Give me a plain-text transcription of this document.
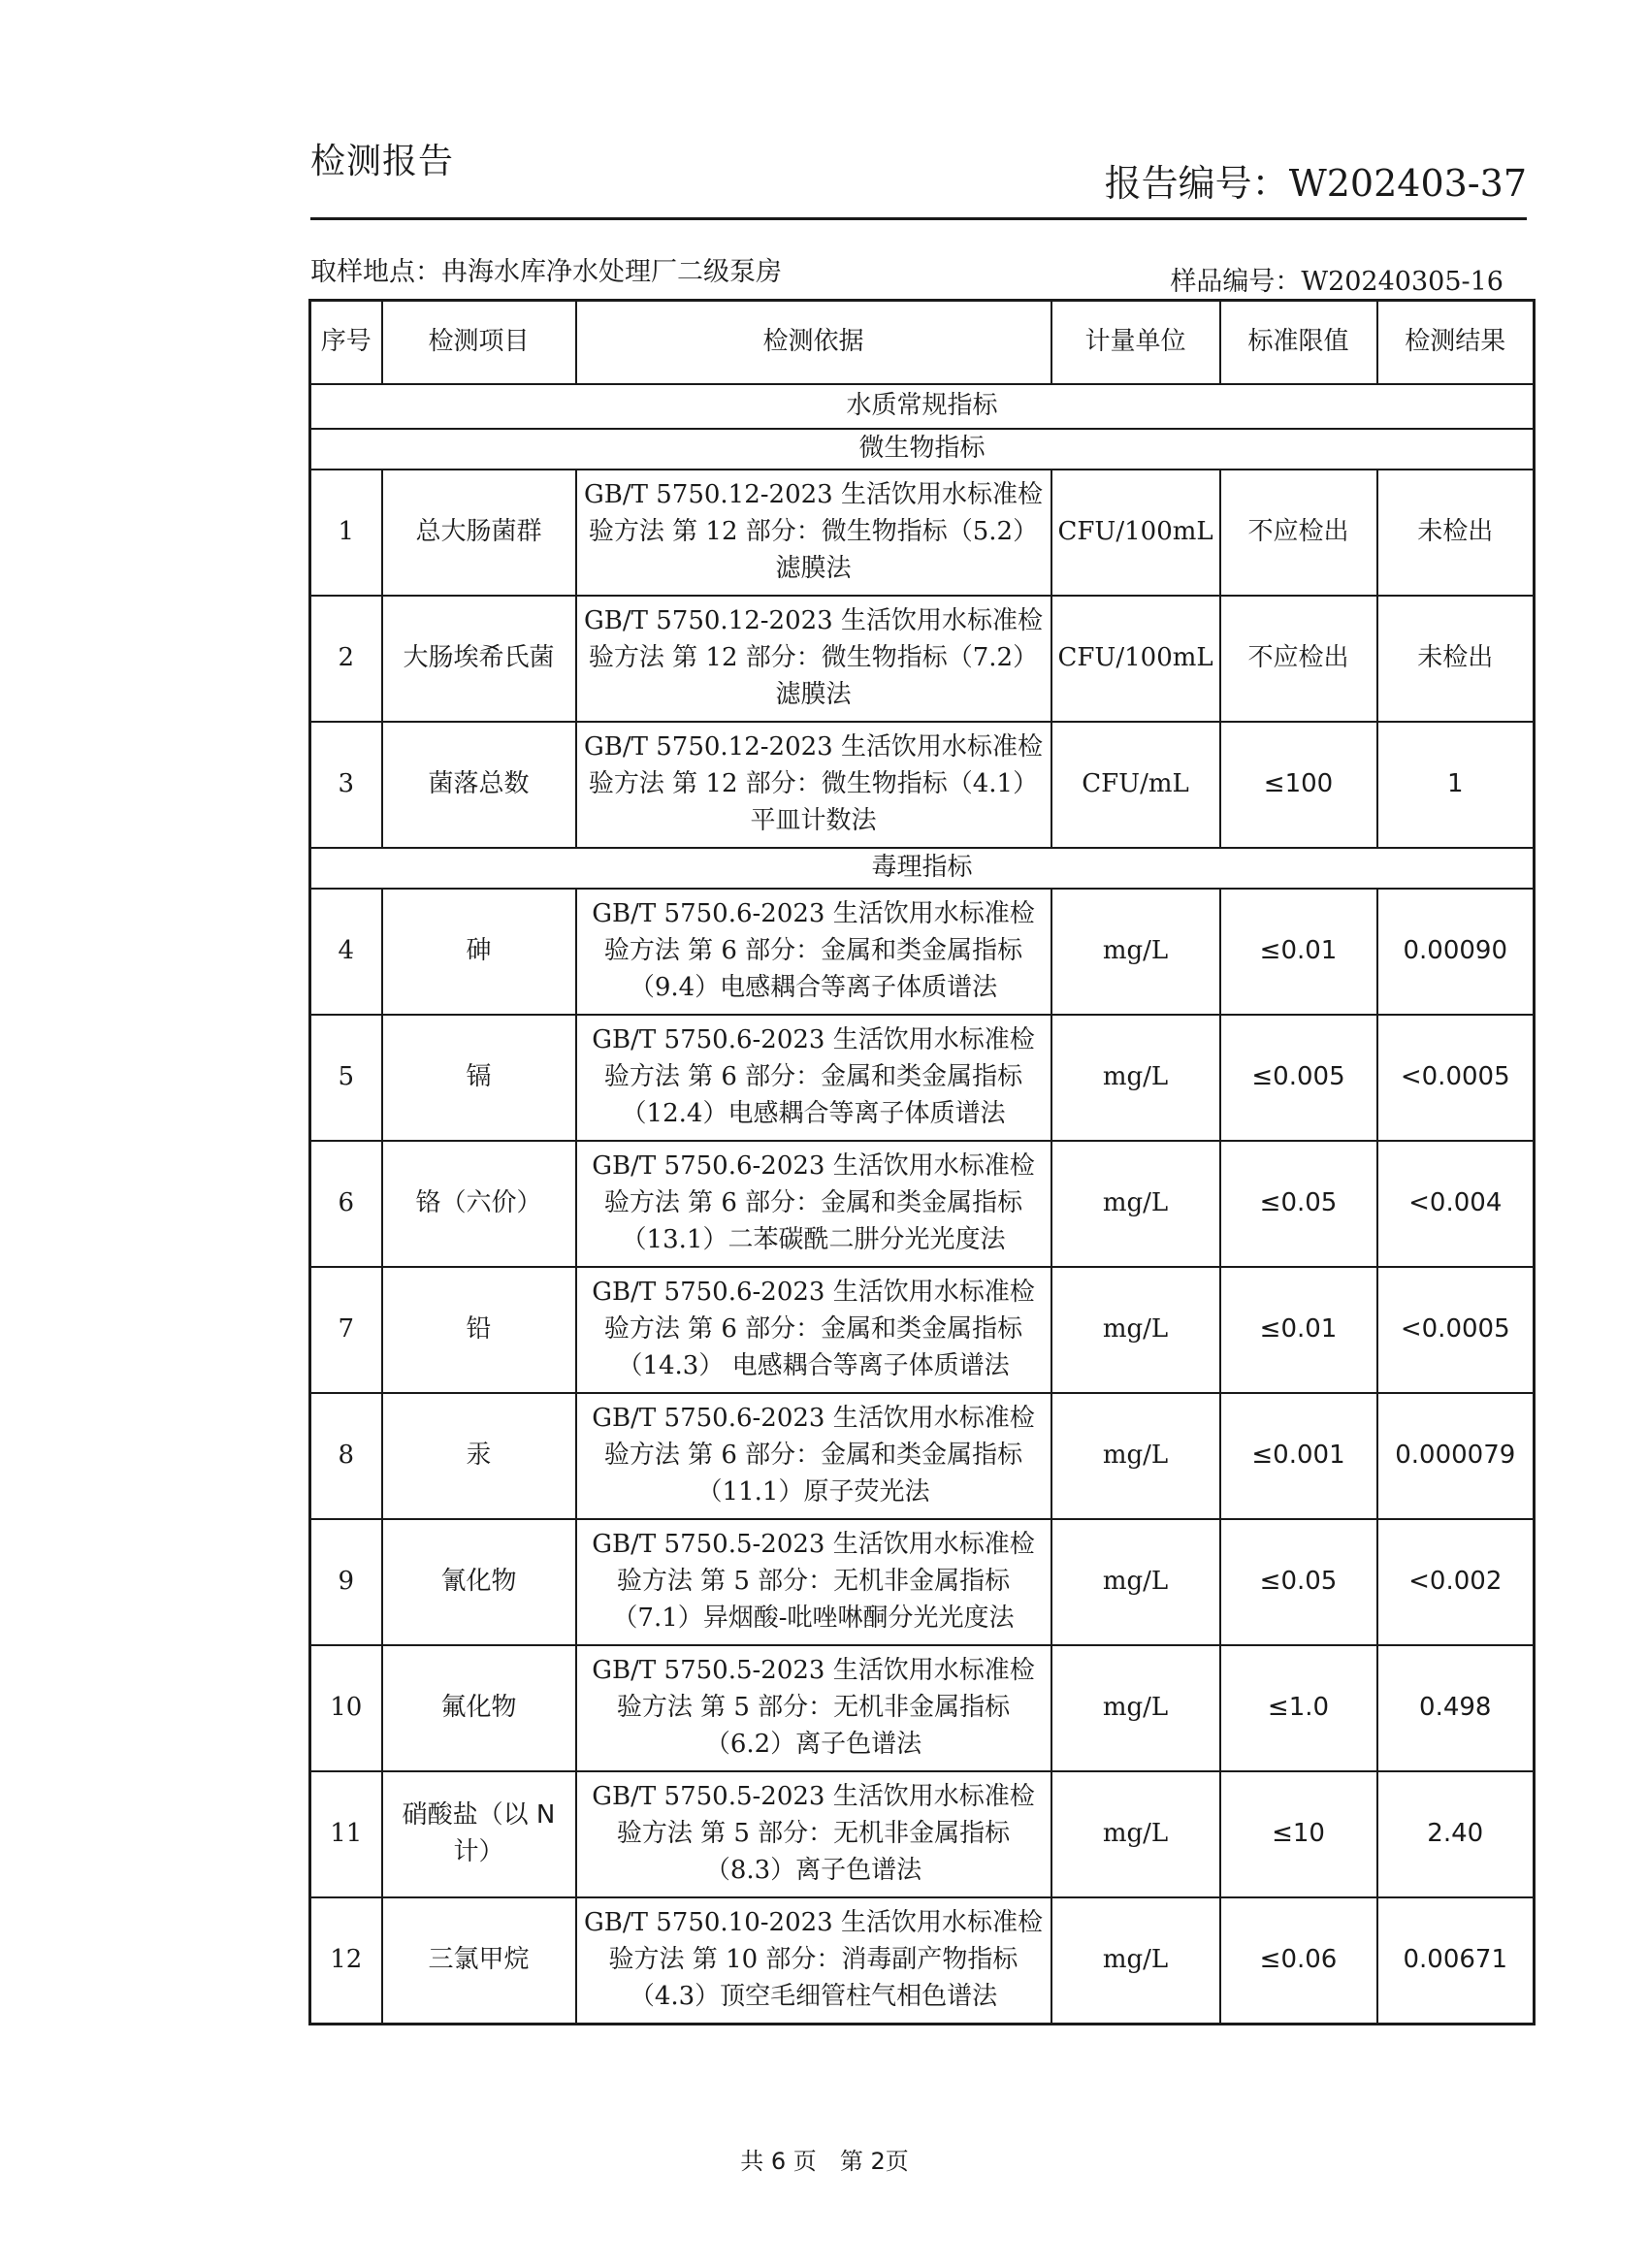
检测报告
报告编号：W202403-37
取样地点：冉海水库净水处理厂二级泵房	样品编号：W20240305-16
序号	检测项目	检测依据	计量单位	标准限值	检测结果
水质常规指标					
微生物指标					
1	总大肠菌群	GB/T 5750.12-2023 生活饮用水标准检验方法 第 12 部分：微生物指标（5.2）滤膜法	CFU/100mL	不应检出	未检出
2	大肠埃希氏菌	GB/T 5750.12-2023 生活饮用水标准检验方法 第 12 部分：微生物指标（7.2）滤膜法	CFU/100mL	不应检出	未检出
3	菌落总数	GB/T 5750.12-2023 生活饮用水标准检验方法 第 12 部分：微生物指标（4.1）平皿计数法	CFU/mL	≤100	1
毒理指标					
4	砷	GB/T 5750.6-2023 生活饮用水标准检验方法 第 6 部分：金属和类金属指标（9.4）电感耦合等离子体质谱法	mg/L	≤0.01	0.00090
5	镉	GB/T 5750.6-2023 生活饮用水标准检验方法 第 6 部分：金属和类金属指标（12.4）电感耦合等离子体质谱法	mg/L	≤0.005	<0.0005
6	铬（六价）	GB/T 5750.6-2023 生活饮用水标准检验方法 第 6 部分：金属和类金属指标（13.1）二苯碳酰二肼分光光度法	mg/L	≤0.05	<0.004
7	铅	GB/T 5750.6-2023 生活饮用水标准检验方法 第 6 部分：金属和类金属指标（14.3） 电感耦合等离子体质谱法	mg/L	≤0.01	<0.0005
8	汞	GB/T 5750.6-2023 生活饮用水标准检验方法 第 6 部分：金属和类金属指标（11.1）原子荧光法	mg/L	≤0.001	0.000079
9	氰化物	GB/T 5750.5-2023 生活饮用水标准检验方法 第 5 部分：无机非金属指标（7.1）异烟酸-吡唑啉酮分光光度法	mg/L	≤0.05	<0.002
10	氟化物	GB/T 5750.5-2023 生活饮用水标准检验方法 第 5 部分：无机非金属指标（6.2）离子色谱法	mg/L	≤1.0	0.498
11	硝酸盐（以 N 计）	GB/T 5750.5-2023 生活饮用水标准检验方法 第 5 部分：无机非金属指标（8.3）离子色谱法	mg/L	≤10	2.40
12	三氯甲烷	GB/T 5750.10-2023 生活饮用水标准检验方法 第 10 部分：消毒副产物指标（4.3）顶空毛细管柱气相色谱法	mg/L	≤0.06	0.00671
共 6 页 第 2页
